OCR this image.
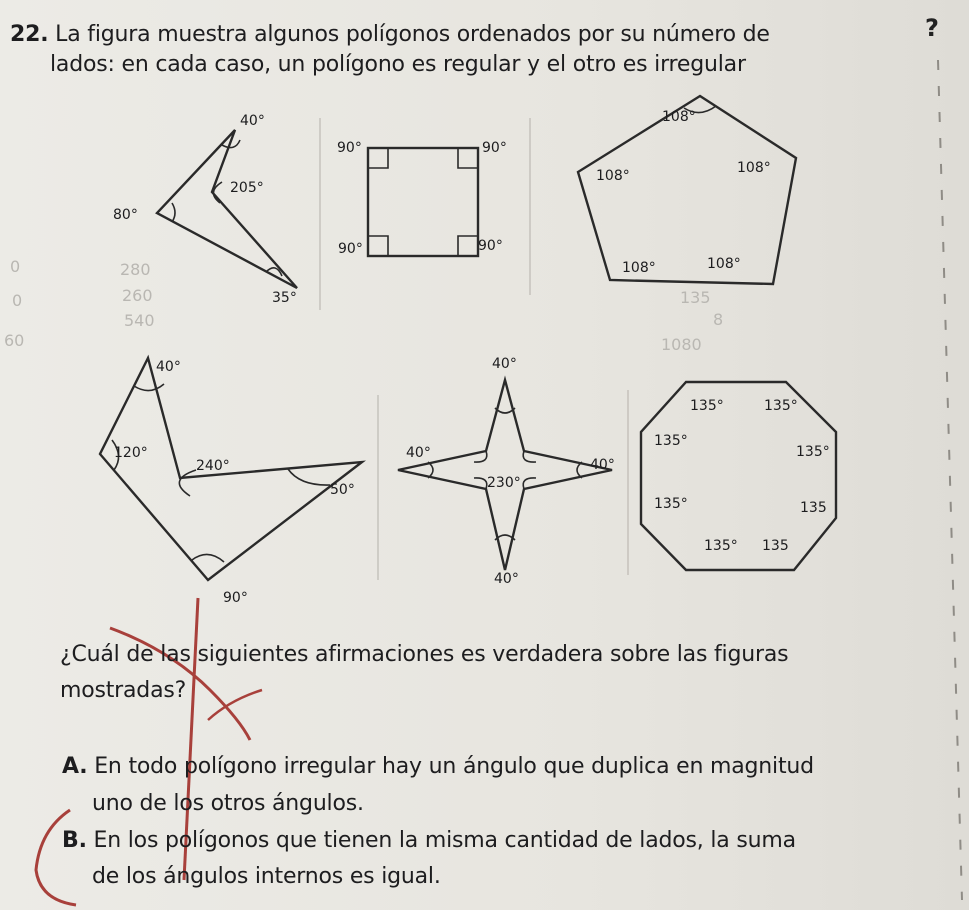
22. La figura muestra algunos polígonos ordenados por su número de
lados: en cada caso, un polígono es regular y el otro es irregular
40°
80°
205°
35°
90°	90°
90°	90°
108°
108°	108°
108°	108°
40°
120°
240°
50°
90°
40°
40°
40°
40°
230°
135°	135°
135°
135°
135°	135
135° 135
280
260
540
135
8
1080
0
0
60
?
¿Cuál de las siguientes afirmaciones es verdadera sobre las figuras
mostradas?
A. En todo polígono irregular hay un ángulo que duplica en magnitud
uno de los otros ángulos.
B. En los polígonos que tienen la misma cantidad de lados, la suma
de los ángulos internos es igual.
